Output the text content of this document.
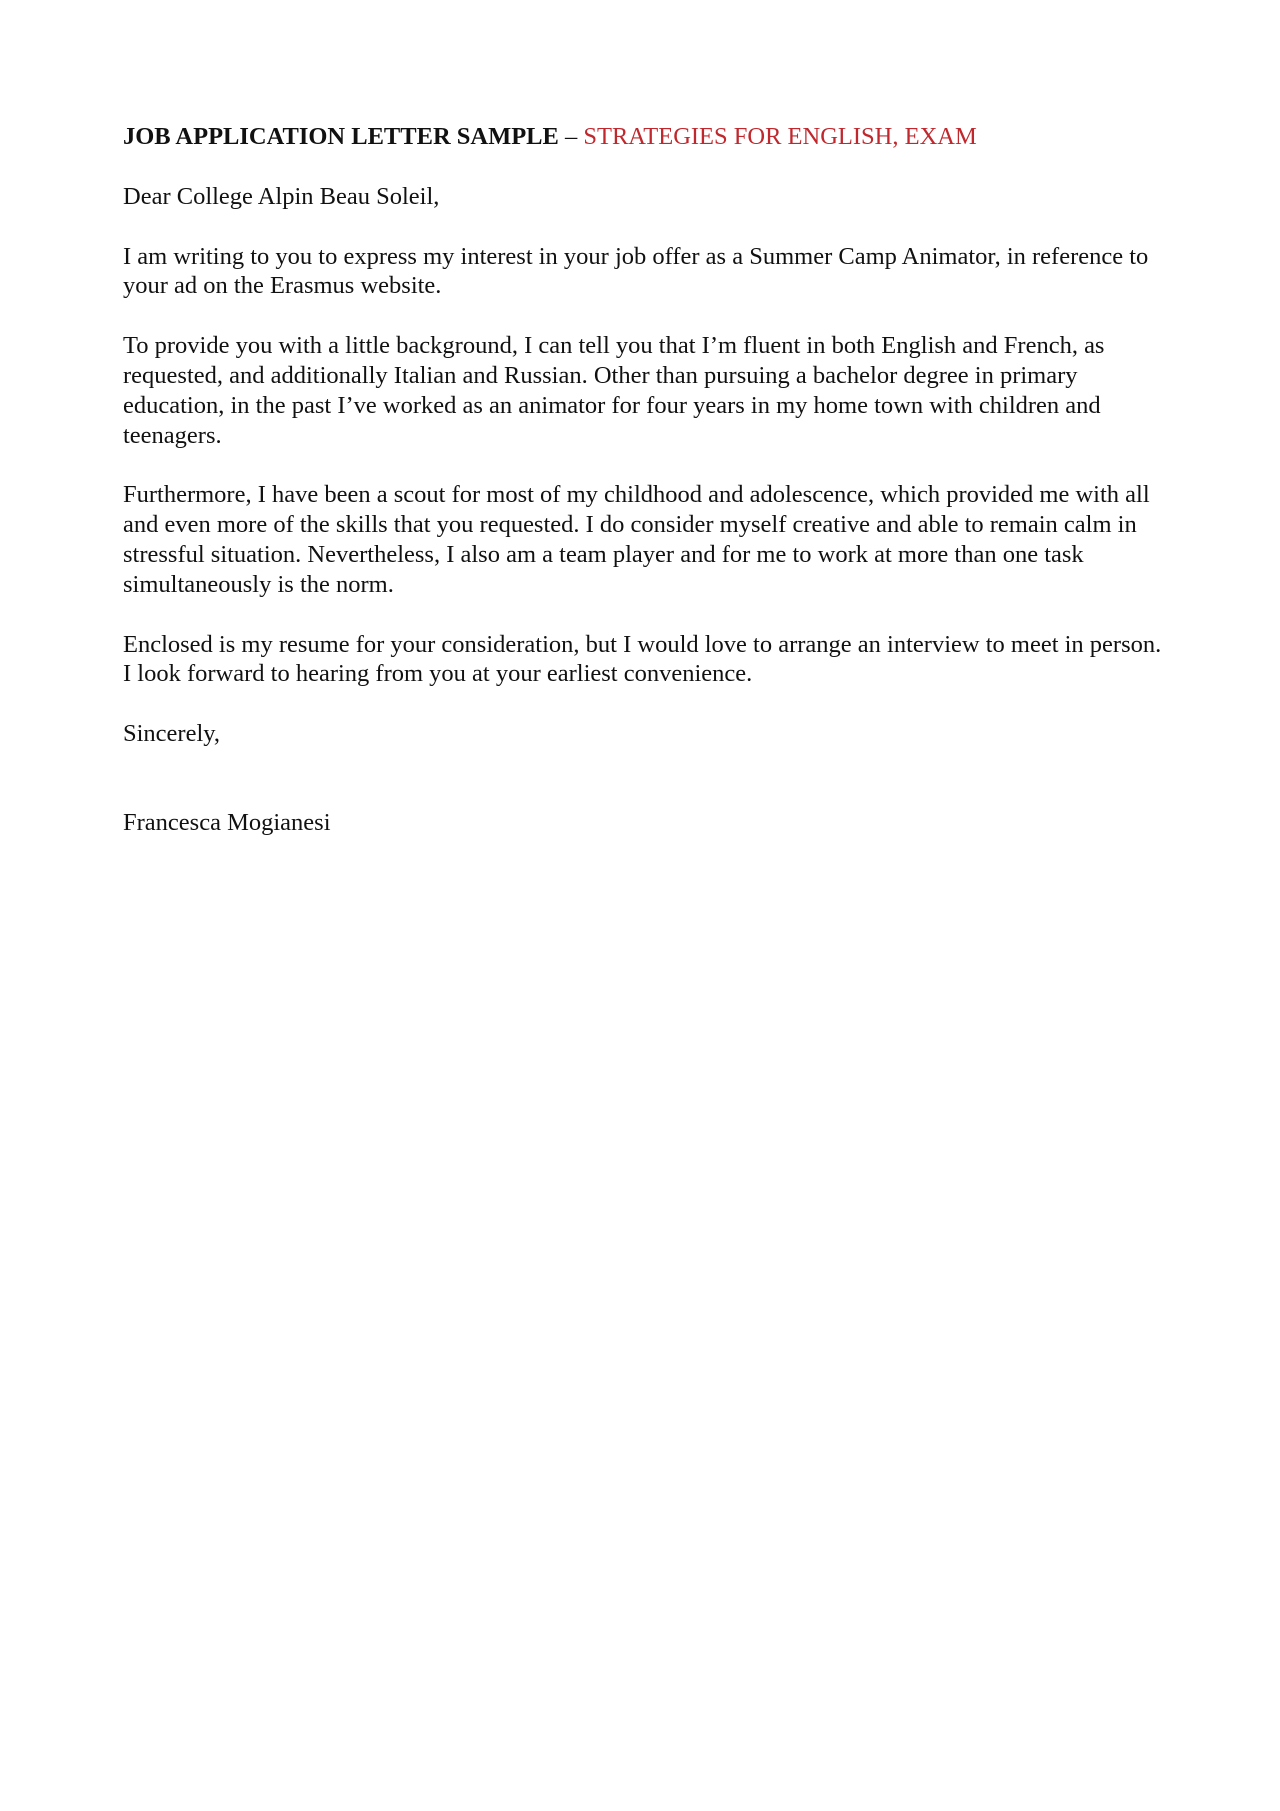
JOB APPLICATION LETTER SAMPLE – STRATEGIES FOR ENGLISH, EXAM

Dear College Alpin Beau Soleil,

I am writing to you to express my interest in your job offer as a Summer Camp Animator, in reference to your ad on the Erasmus website.

To provide you with a little background, I can tell you that I’m fluent in both English and French, as requested, and additionally Italian and Russian. Other than pursuing a bachelor degree in primary education, in the past I’ve worked as an animator for four years in my home town with children and teenagers.

Furthermore, I have been a scout for most of my childhood and adolescence, which provided me with all and even more of the skills that you requested. I do consider myself creative and able to remain calm in stressful situation. Nevertheless, I also am a team player and for me to work at more than one task simultaneously is the norm.

Enclosed is my resume for your consideration, but I would love to arrange an interview to meet in person. I look forward to hearing from you at your earliest convenience.

Sincerely,

Francesca Mogianesi
